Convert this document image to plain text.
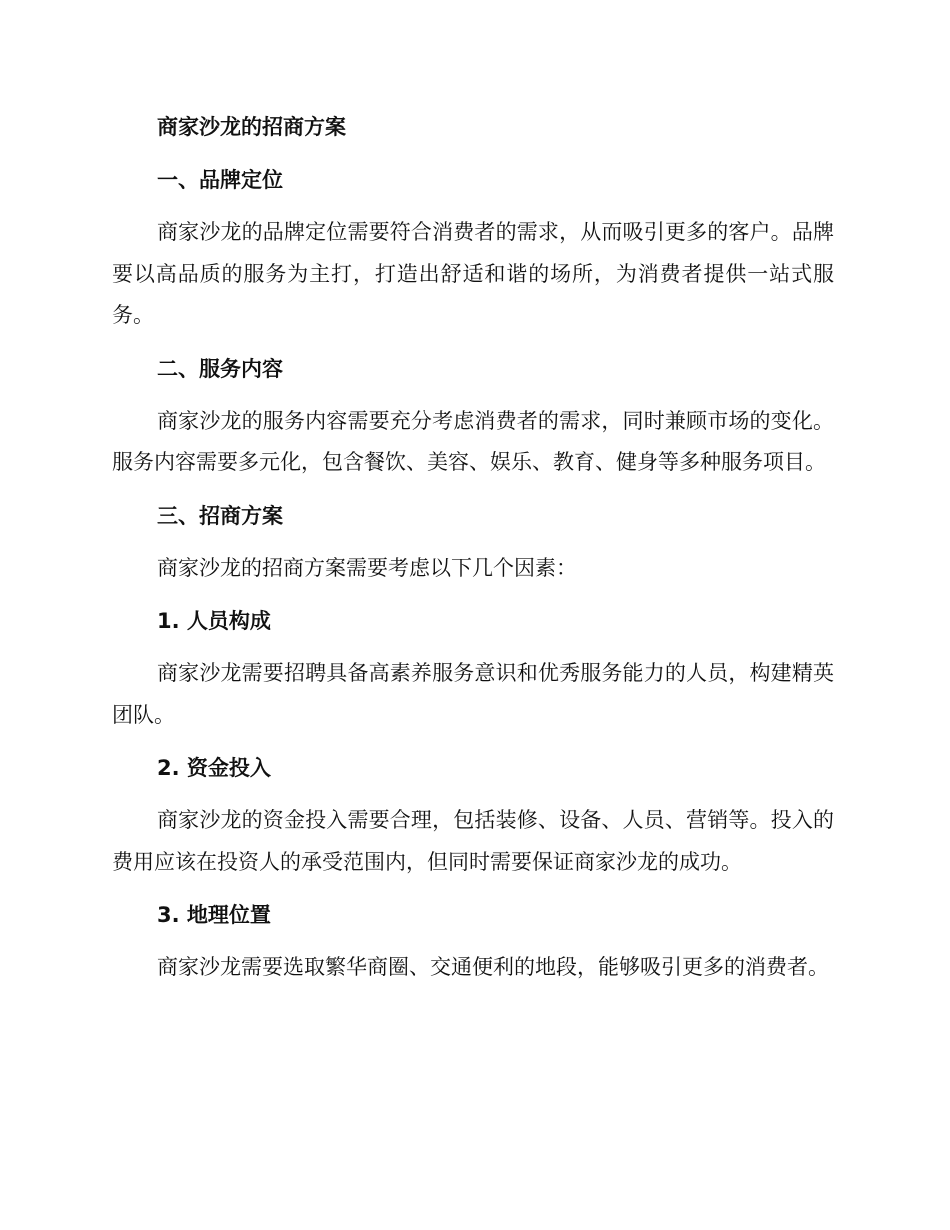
商家沙龙的招商方案
一、品牌定位

商家沙龙的品牌定位需要符合消费者的需求，从而吸引更多的客户。品牌要以高品质的服务为主打，打造出舒适和谐的场所，为消费者提供一站式服务。

二、服务内容

商家沙龙的服务内容需要充分考虑消费者的需求，同时兼顾市场的变化。服务内容需要多元化，包含餐饮、美容、娱乐、教育、健身等多种服务项目。

三、招商方案

商家沙龙的招商方案需要考虑以下几个因素：

1. 人员构成

商家沙龙需要招聘具备高素养服务意识和优秀服务能力的人员，构建精英团队。

2. 资金投入

商家沙龙的资金投入需要合理，包括装修、设备、人员、营销等。投入的费用应该在投资人的承受范围内，但同时需要保证商家沙龙的成功。

3. 地理位置

商家沙龙需要选取繁华商圈、交通便利的地段，能够吸引更多的消费者。
